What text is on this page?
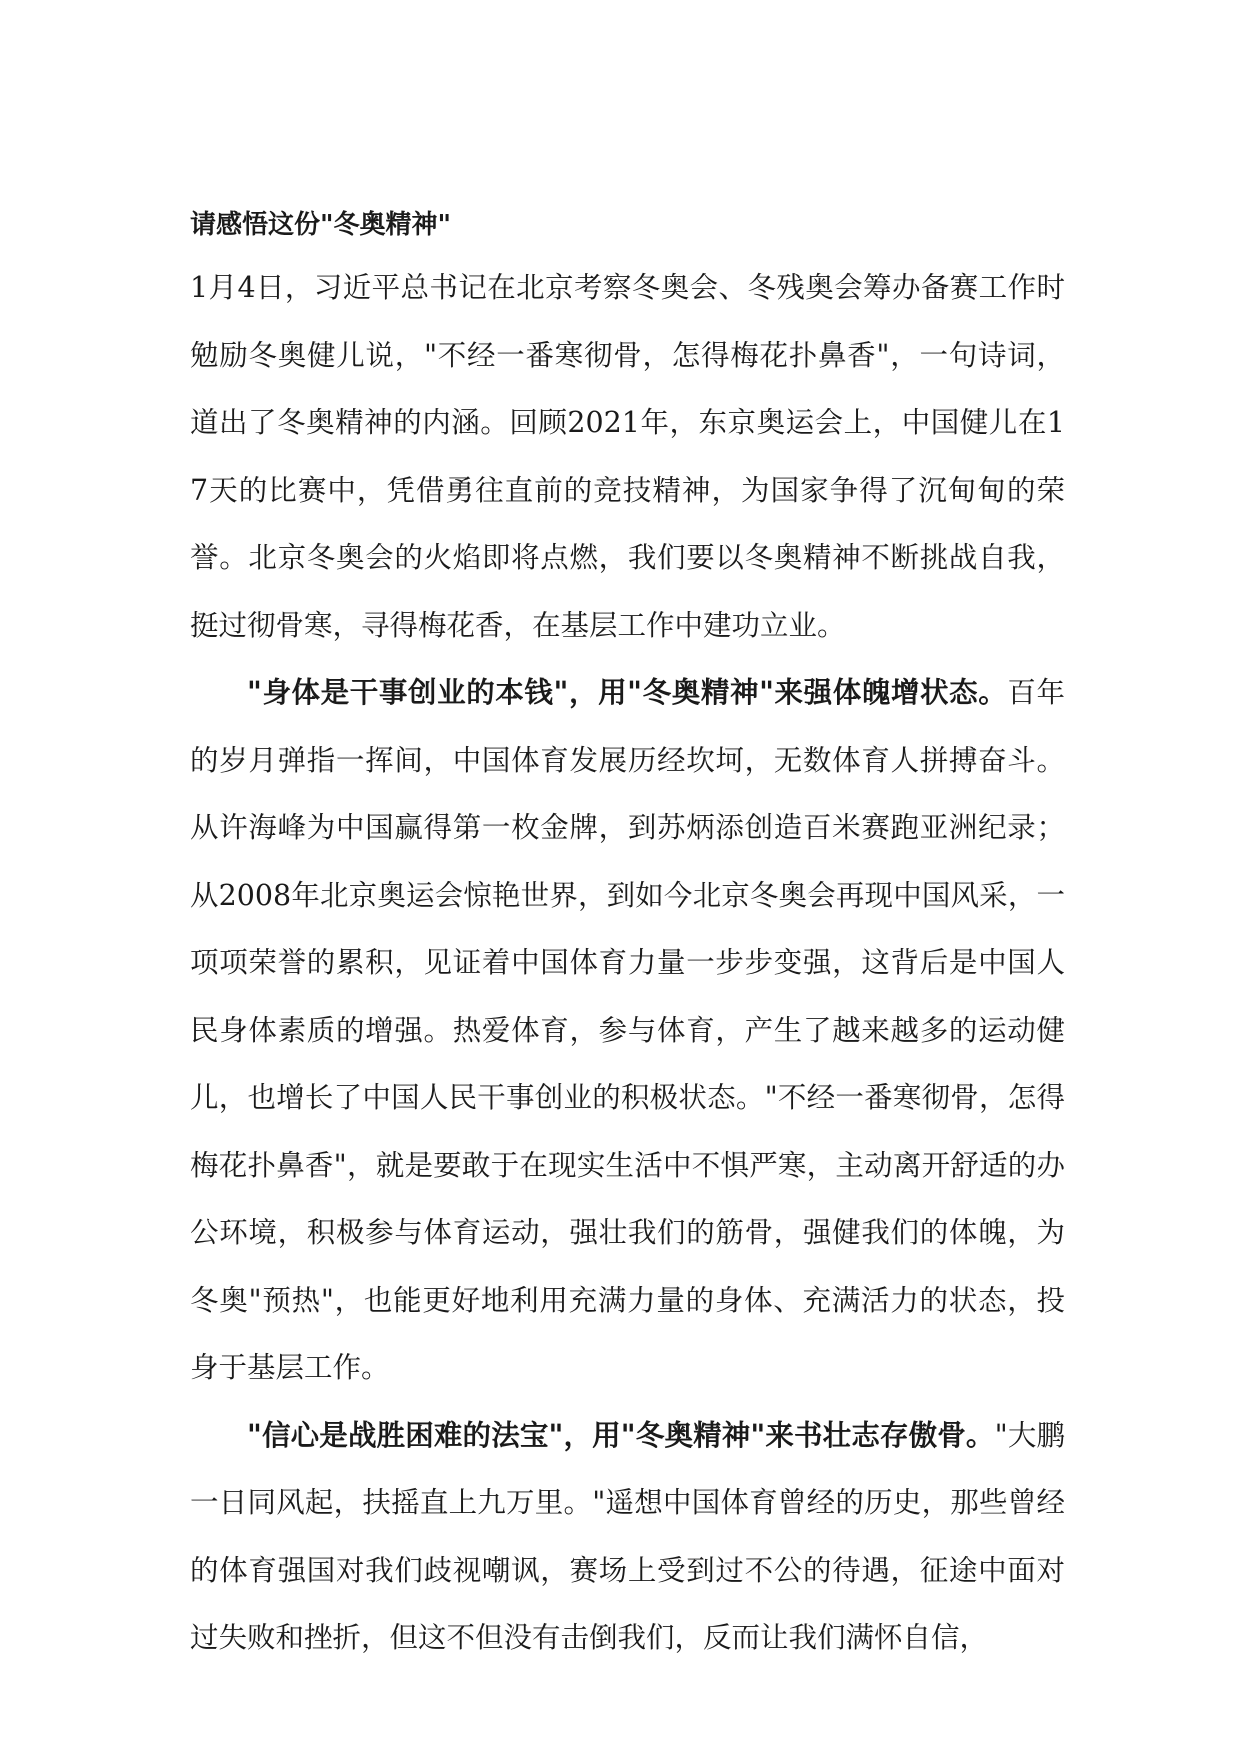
请感悟这份"冬奥精神"

1月4日，习近平总书记在北京考察冬奥会、冬残奥会筹办备赛工作时勉励冬奥健儿说，"不经一番寒彻骨，怎得梅花扑鼻香"，一句诗词，道出了冬奥精神的内涵。回顾2021年，东京奥运会上，中国健儿在17天的比赛中，凭借勇往直前的竞技精神，为国家争得了沉甸甸的荣誉。北京冬奥会的火焰即将点燃，我们要以冬奥精神不断挑战自我，挺过彻骨寒，寻得梅花香，在基层工作中建功立业。

"身体是干事创业的本钱"，用"冬奥精神"来强体魄增状态。百年的岁月弹指一挥间，中国体育发展历经坎坷，无数体育人拼搏奋斗。从许海峰为中国赢得第一枚金牌，到苏炳添创造百米赛跑亚洲纪录；从2008年北京奥运会惊艳世界，到如今北京冬奥会再现中国风采，一项项荣誉的累积，见证着中国体育力量一步步变强，这背后是中国人民身体素质的增强。热爱体育，参与体育，产生了越来越多的运动健儿，也增长了中国人民干事创业的积极状态。"不经一番寒彻骨，怎得梅花扑鼻香"，就是要敢于在现实生活中不惧严寒，主动离开舒适的办公环境，积极参与体育运动，强壮我们的筋骨，强健我们的体魄，为冬奥"预热"，也能更好地利用充满力量的身体、充满活力的状态，投身于基层工作。

"信心是战胜困难的法宝"，用"冬奥精神"来书壮志存傲骨。"大鹏一日同风起，扶摇直上九万里。"遥想中国体育曾经的历史，那些曾经的体育强国对我们歧视嘲讽，赛场上受到过不公的待遇，征途中面对过失败和挫折，但这不但没有击倒我们，反而让我们满怀自信，
